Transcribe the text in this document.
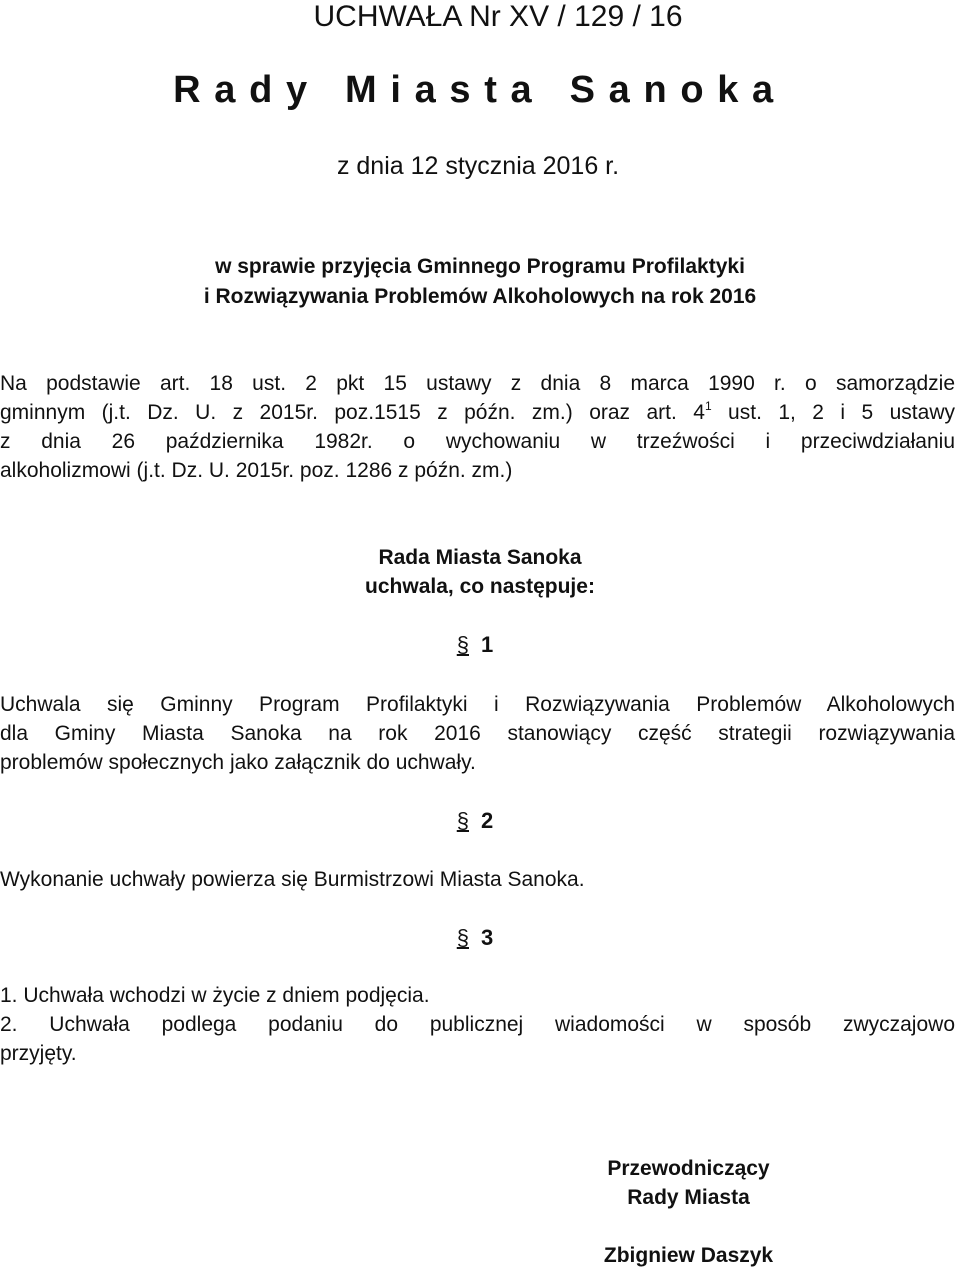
UCHWAŁA Nr XV / 129 / 16
Rady Miasta Sanoka
z dnia 12 stycznia 2016 r.
w sprawie przyjęcia Gminnego Programu Profilaktyki
i Rozwiązywania Problemów Alkoholowych na rok 2016
Na podstawie art. 18 ust. 2 pkt 15 ustawy z dnia 8 marca 1990 r. o samorządzie
gminnym (j.t. Dz. U. z 2015r. poz.1515 z późn. zm.) oraz art. $4^1$ ust. 1, 2 i 5 ustawy
z dnia 26 października 1982r. o wychowaniu w trzeźwości i przeciwdziałaniu
alkoholizmowi (j.t. Dz. U. 2015r. poz. 1286 z późn. zm.)
Rada Miasta Sanoka
uchwala, co następuje:
§ 1
Uchwala się Gminny Program Profilaktyki i Rozwiązywania Problemów Alkoholowych
dla Gminy Miasta Sanoka na rok 2016 stanowiący część strategii rozwiązywania
problemów społecznych jako załącznik do uchwały.
§ 2
Wykonanie uchwały powierza się Burmistrzowi Miasta Sanoka.
§ 3
1. Uchwała wchodzi w życie z dniem podjęcia.
2. Uchwała podlega podaniu do publicznej wiadomości w sposób zwyczajowo
przyjęty.
Przewodniczący
Rady Miasta
Zbigniew Daszyk
